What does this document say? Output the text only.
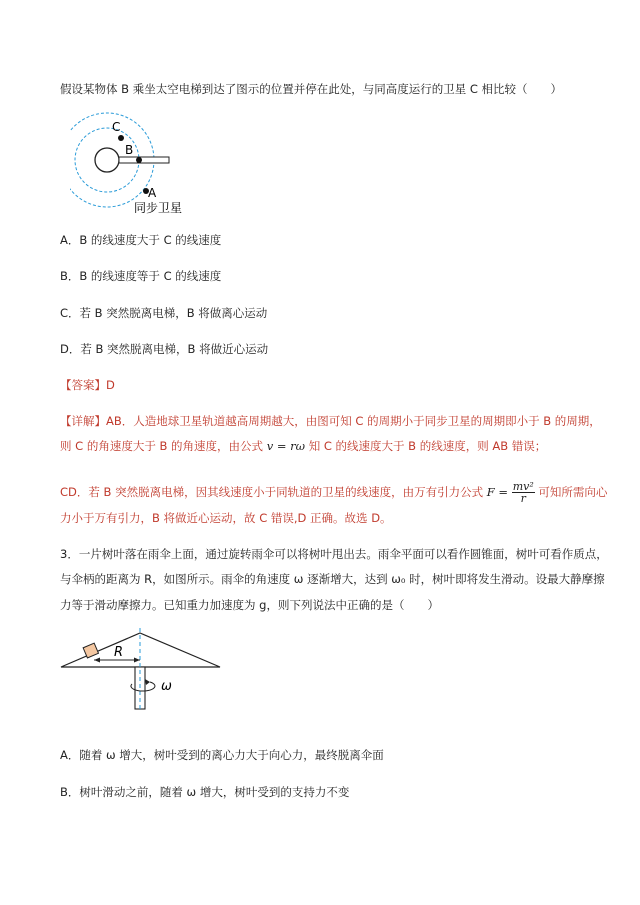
假设某物体 B 乘坐太空电梯到达了图示的位置并停在此处，与同高度运行的卫星 C 相比较（　　）
C
B
A
同步卫星
A．B 的线速度大于 C 的线速度
B．B 的线速度等于 C 的线速度
C．若 B 突然脱离电梯，B 将做离心运动
D．若 B 突然脱离电梯，B 将做近心运动
【答案】D
【详解】AB．人造地球卫星轨道越高周期越大，由图可知 C 的周期小于同步卫星的周期即小于 B 的周期，
则 C 的角速度大于 B 的角速度，由公式 v = rω 知 C 的线速度大于 B 的线速度，则 AB 错误；
CD．若 B 突然脱离电梯，因其线速度小于同轨道的卫星的线速度，由万有引力公式 $F = \frac{\text{mv²}}{r}$ 可知所需向心
力小于万有引力，B 将做近心运动，故 C 错误,D 正确。故选 D。
3．一片树叶落在雨伞上面，通过旋转雨伞可以将树叶甩出去。雨伞平面可以看作圆锥面，树叶可看作质点，
与伞柄的距离为 R，如图所示。雨伞的角速度 ω 逐渐增大，达到 ω₀ 时，树叶即将发生滑动。设最大静摩擦
力等于滑动摩擦力。已知重力加速度为 g，则下列说法中正确的是（　　）
R
ω
A．随着 ω 增大，树叶受到的离心力大于向心力，最终脱离伞面
B．树叶滑动之前，随着 ω 增大，树叶受到的支持力不变
